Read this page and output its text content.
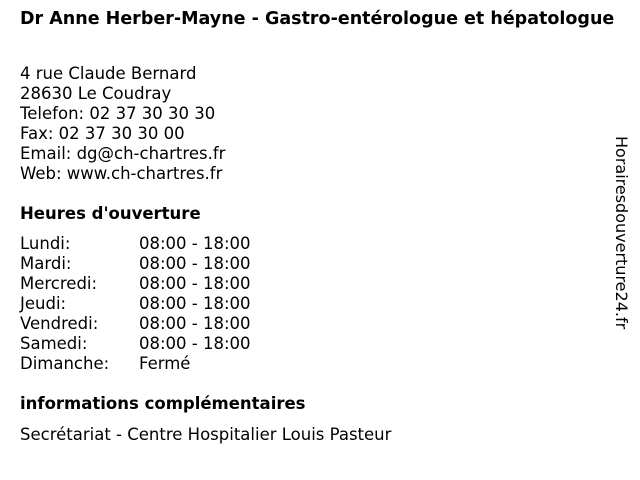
Dr Anne Herber-Mayne - Gastro-entérologue et hépatologue
4 rue Claude Bernard
28630 Le Coudray
Telefon: 02 37 30 30 30
Fax: 02 37 30 30 00
Email: dg@ch-chartres.fr
Web: www.ch-chartres.fr
Heures d'ouverture
Lundi:	08:00 - 18:00
Mardi:	08:00 - 18:00
Mercredi:	08:00 - 18:00
Jeudi:	08:00 - 18:00
Vendredi: 08:00 - 18:00
Samedi:	08:00 - 18:00
Dimanche: Fermé
informations complémentaires
Secrétariat - Centre Hospitalier Louis Pasteur
Horairesdouverture24.fr
